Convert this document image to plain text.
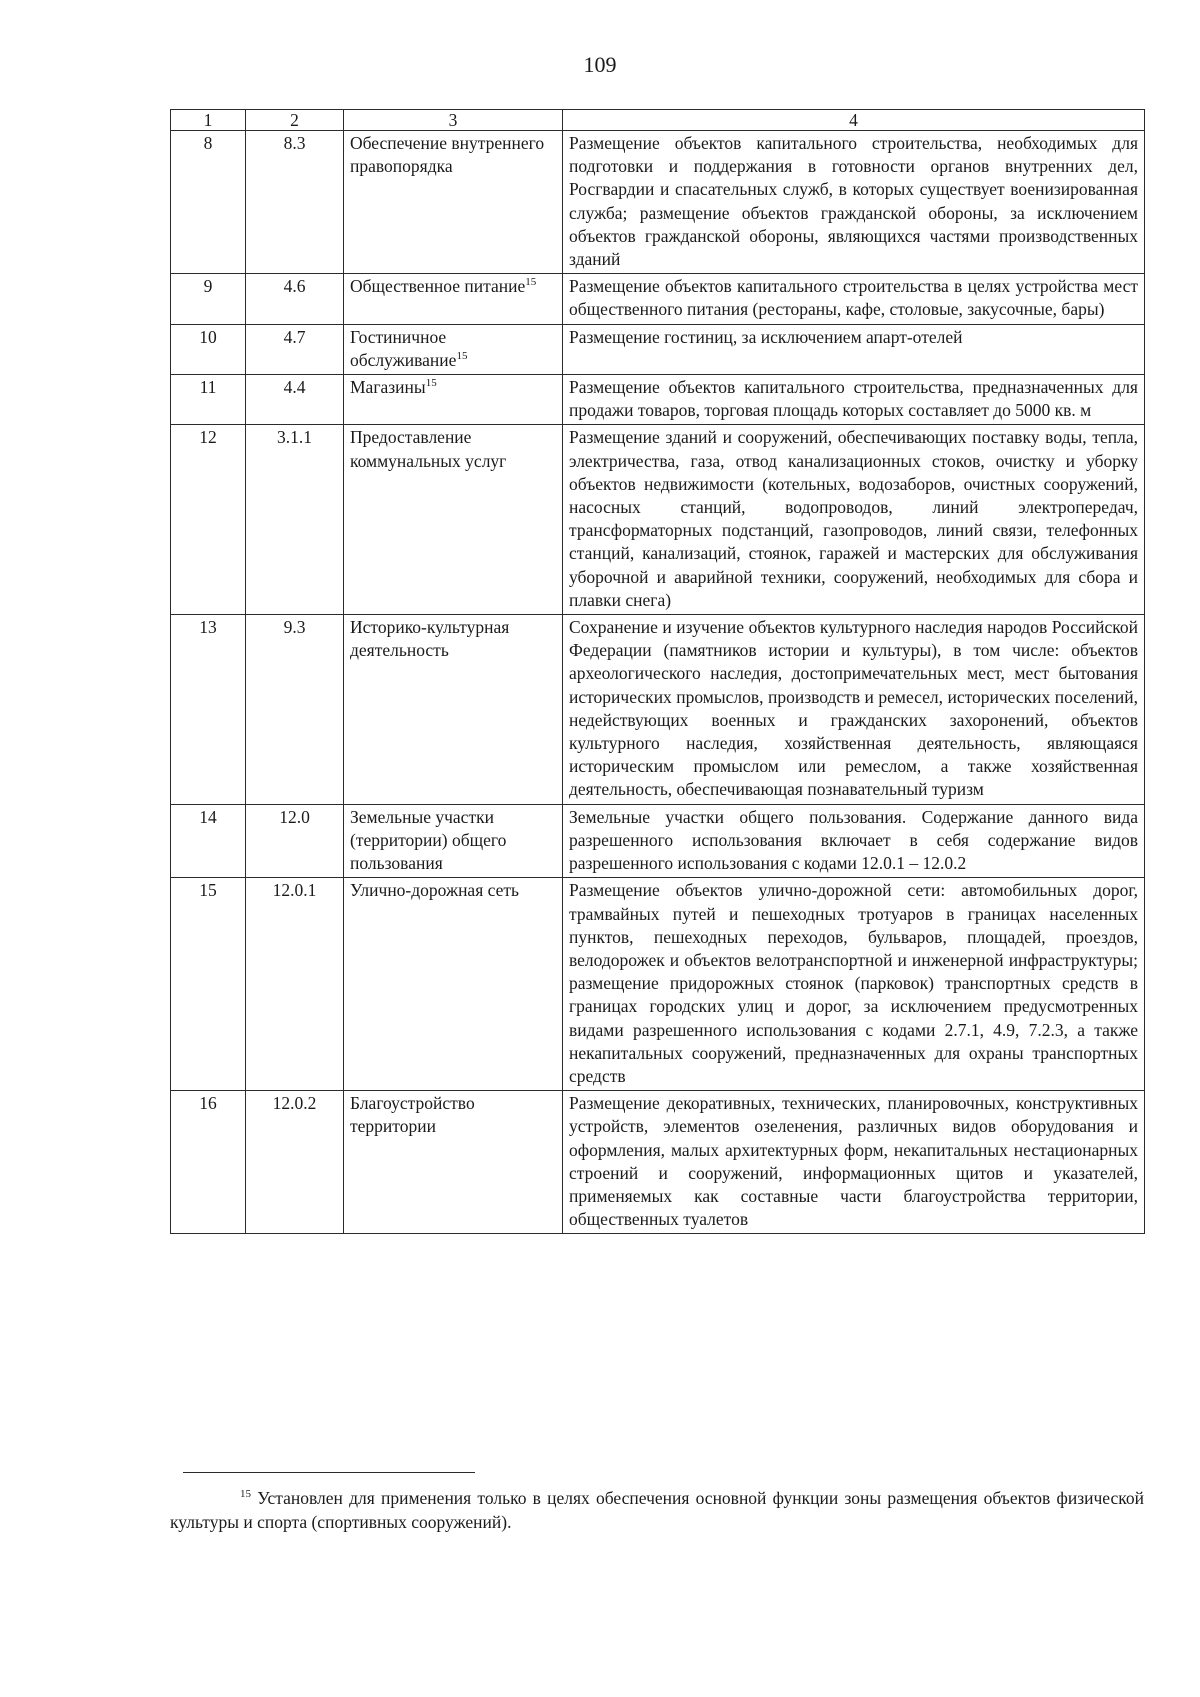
109
1	2	3	4
8	8.3	Обеспечение внутреннего правопорядка	Размещение объектов капитального строительства, необходимых для подготовки и поддержания в готовности органов внутренних дел, Росгвардии и спасательных служб, в которых существует военизированная служба; размещение объектов гражданской обороны, за исключением объектов гражданской обороны, являющихся частями производственных зданий
9	4.6	Общественное питание$^{15}$	Размещение объектов капитального строительства в целях устройства мест общественного питания (рестораны, кафе, столовые, закусочные, бары)
10	4.7	Гостиничное обслуживание$^{15}$	Размещение гостиниц, за исключением апарт-отелей
11	4.4	Магазины$^{15}$	Размещение объектов капитального строительства, предназначенных для продажи товаров, торговая площадь которых составляет до 5000 кв. м
12	3.1.1	Предоставление коммунальных услуг	Размещение зданий и сооружений, обеспечивающих поставку воды, тепла, электричества, газа, отвод канализационных стоков, очистку и уборку объектов недвижимости (котельных, водозаборов, очистных сооружений, насосных станций, водопроводов, линий электропередач, трансформаторных подстанций, газопроводов, линий связи, телефонных станций, канализаций, стоянок, гаражей и мастерских для обслуживания уборочной и аварийной техники, сооружений, необходимых для сбора и плавки снега)
13	9.3	Историко-культурная деятельность	Сохранение и изучение объектов культурного наследия народов Российской Федерации (памятников истории и культуры), в том числе: объектов археологического наследия, достопримечательных мест, мест бытования исторических промыслов, производств и ремесел, исторических поселений, недействующих военных и гражданских захоронений, объектов культурного наследия, хозяйственная деятельность, являющаяся историческим промыслом или ремеслом, а также хозяйственная деятельность, обеспечивающая познавательный туризм
14	12.0	Земельные участки (территории) общего пользования	Земельные участки общего пользования. Содержание данного вида разрешенного использования включает в себя содержание видов разрешенного использования с кодами 12.0.1 – 12.0.2
15	12.0.1	Улично-дорожная сеть	Размещение объектов улично-дорожной сети: автомобильных дорог, трамвайных путей и пешеходных тротуаров в границах населенных пунктов, пешеходных переходов, бульваров, площадей, проездов, велодорожек и объектов велотранспортной и инженерной инфраструктуры; размещение придорожных стоянок (парковок) транспортных средств в границах городских улиц и дорог, за исключением предусмотренных видами разрешенного использования с кодами 2.7.1, 4.9, 7.2.3, а также некапитальных сооружений, предназначенных для охраны транспортных средств
16	12.0.2	Благоустройство территории	Размещение декоративных, технических, планировочных, конструктивных устройств, элементов озеленения, различных видов оборудования и оформления, малых архитектурных форм, некапитальных нестационарных строений и сооружений, информационных щитов и указателей, применяемых как составные части благоустройства территории, общественных туалетов
$^{15}$ Установлен для применения только в целях обеспечения основной функции зоны размещения объектов физической культуры и спорта (спортивных сооружений).
